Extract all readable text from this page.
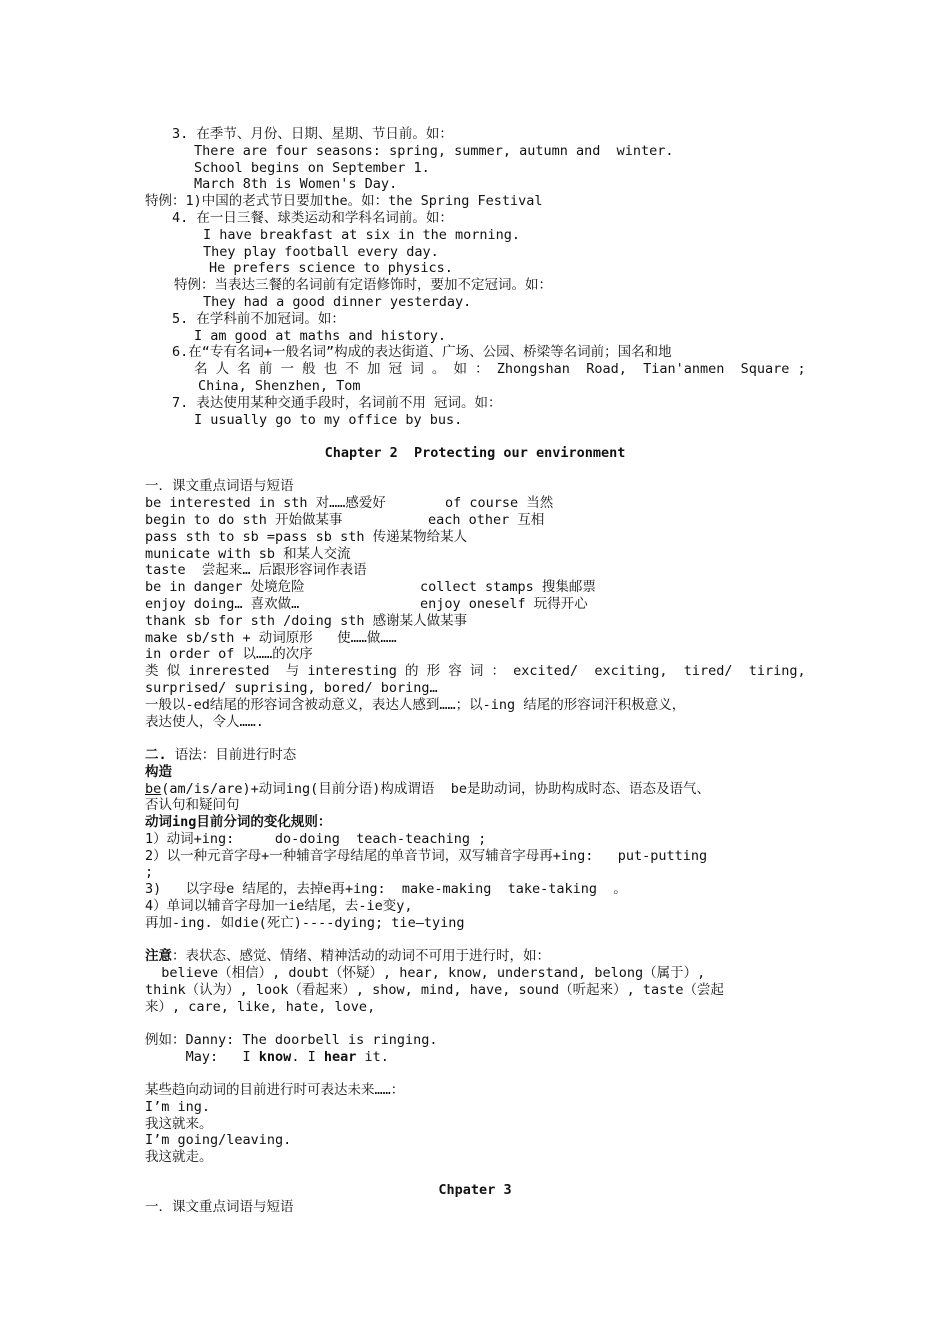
3. 在季节、月份、日期、星期、节日前。如：
There are four seasons: spring, summer, autumn and  winter.
School begins on September 1.
March 8th is Women's Day.
特例：1)中国的老式节日要加the。如：the Spring Festival
4. 在一日三餐、球类运动和学科名词前。如：
I have breakfast at six in the morning.
They play football every day.
He prefers science to physics.
特例：当表达三餐的名词前有定语修饰时，要加不定冠词。如：
They had a good dinner yesterday.
5. 在学科前不加冠词。如：
I am good at maths and history.
6.在“专有名词+一般名词”构成的表达街道、广场、公园、桥梁等名词前；国名和地
名 人 名 前 一 般 也 不 加 冠 词 。 如 ： Zhongshan  Road,  Tian'anmen  Square ;
China, Shenzhen, Tom
7. 表达使用某种交通手段时，名词前不用 冠词。如：
I usually go to my office by bus.
Chapter 2  Protecting our environment
一．课文重点词语与短语
be interested in sth 对……感爱好	of course 当然
begin to do sth 开始做某事	each other 互相
pass sth to sb =pass sb sth 传递某物给某人
municate with sb 和某人交流
taste  尝起来… 后跟形容词作表语
be in danger 处境危险	collect stamps 搜集邮票
enjoy doing… 喜欢做…	enjoy oneself 玩得开心
thank sb for sth /doing sth 感谢某人做某事
make sb/sth + 动词原形   使……做……
in order of 以……的次序
类 似 inrerested  与 interesting 的 形 容 词 ： excited/  exciting,  tired/  tiring,
surprised/ suprising, bored/ boring…
一般以-ed结尾的形容词含被动意义，表达人感到……；以-ing 结尾的形容词汗积极意义，
表达使人，令人…….
二. 语法：目前进行时态
构造
be(am/is/are)+动词ing(目前分语)构成谓语  be是助动词，协助构成时态、语态及语气、
否认句和疑问句
动词ing目前分词的变化规则：
1）动词+ing:     do-doing  teach-teaching ;
2）以一种元音字母+一种辅音字母结尾的单音节词，双写辅音字母再+ing:   put-putting
;
3)   以字母e 结尾的，去掉e再+ing:  make-making  take-taking  。
4）单词以辅音字母加一ie结尾，去-ie变y,
再加-ing. 如die(死亡)----dying; tie—tying
注意：表状态、感觉、情绪、精神活动的动词不可用于进行时，如：
believe（相信）, doubt（怀疑）, hear, know, understand, belong（属于）,
think（认为）, look（看起来）, show, mind, have, sound（听起来）, taste（尝起
来）, care, like, hate, love,
例如：Danny: The doorbell is ringing.
May:   I know. I hear it.
某些趋向动词的目前进行时可表达未来……：
I’m ing.
我这就来。
I’m going/leaving.
我这就走。
Chpater 3
一．课文重点词语与短语
